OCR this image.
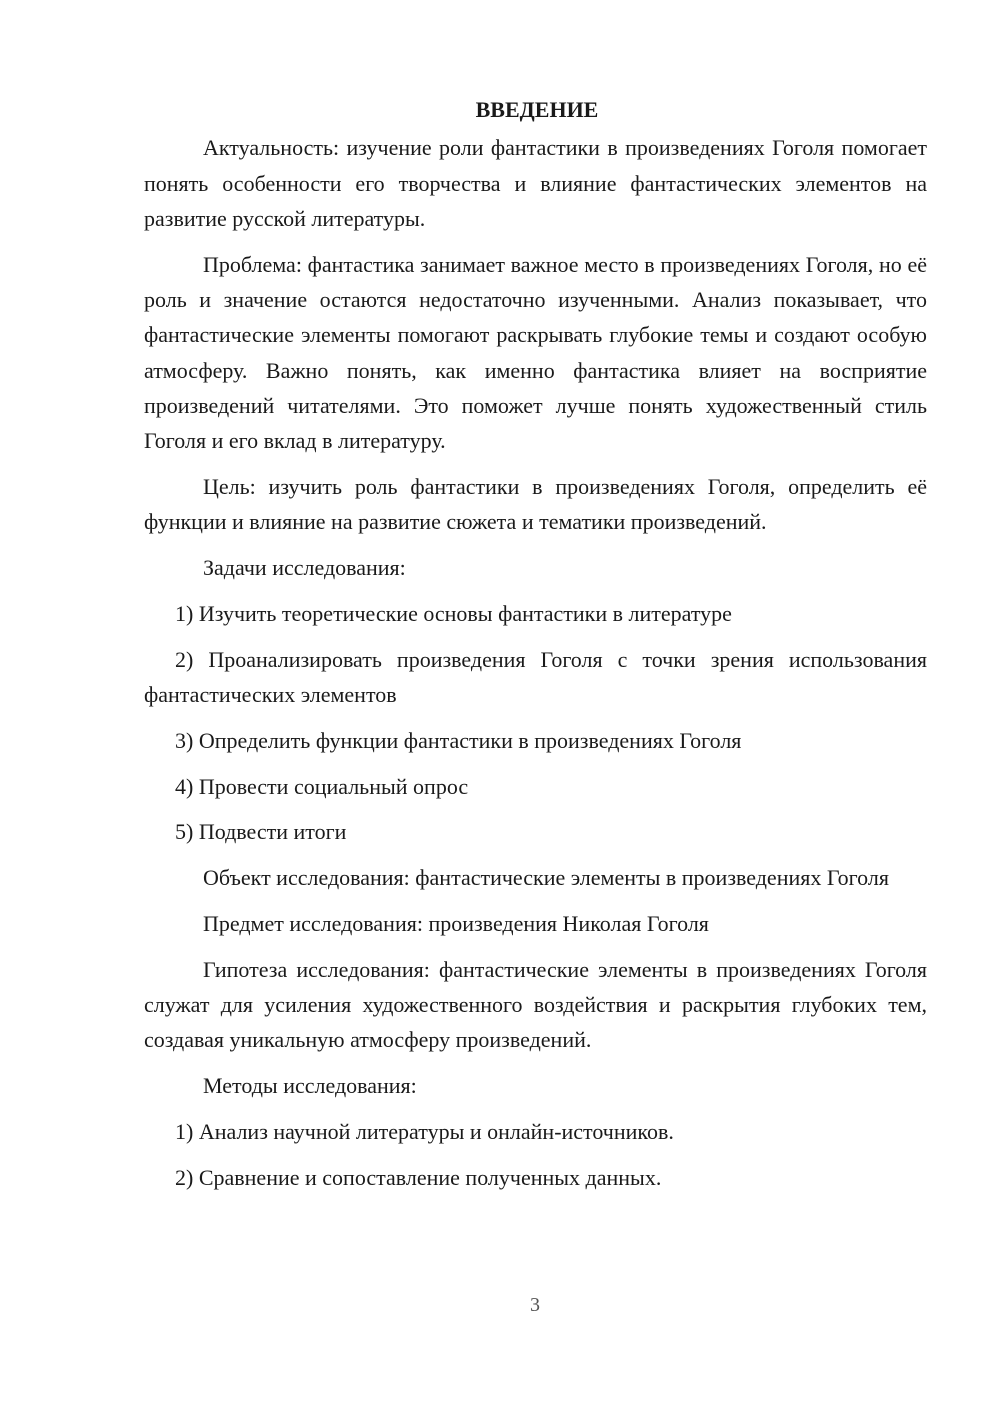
ВВЕДЕНИЕ

Актуальность: изучение роли фантастики в произведениях Гоголя помогает понять особенности его творчества и влияние фантастических элементов на развитие русской литературы.

Проблема: фантастика занимает важное место в произведениях Гоголя, но её роль и значение остаются недостаточно изученными. Анализ показывает, что фантастические элементы помогают раскрывать глубокие темы и создают особую атмосферу. Важно понять, как именно фантастика влияет на восприятие произведений читателями. Это поможет лучше понять художественный стиль Гоголя и его вклад в литературу.

Цель: изучить роль фантастики в произведениях Гоголя, определить её функции и влияние на развитие сюжета и тематики произведений.

Задачи исследования:

1) Изучить теоретические основы фантастики в литературе

2) Проанализировать произведения Гоголя с точки зрения использования фантастических элементов

3) Определить функции фантастики в произведениях Гоголя

4) Провести социальный опрос

5) Подвести итоги

Объект исследования: фантастические элементы в произведениях Гоголя

Предмет исследования: произведения Николая Гоголя

Гипотеза исследования: фантастические элементы в произведениях Гоголя служат для усиления художественного воздействия и раскрытия глубоких тем, создавая уникальную атмосферу произведений.

Методы исследования:

1) Анализ научной литературы и онлайн-источников.

2) Сравнение и сопоставление полученных данных.

3
